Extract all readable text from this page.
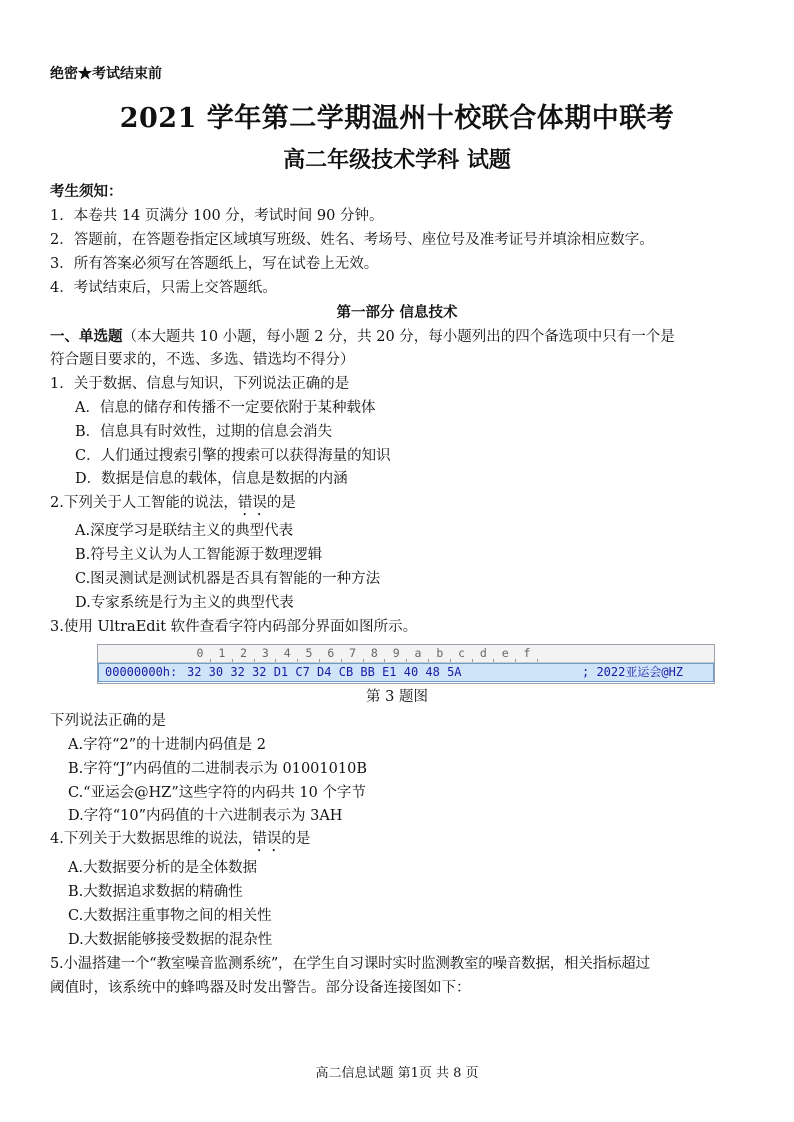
绝密★考试结束前
2021 学年第二学期温州十校联合体期中联考
高二年级技术学科 试题
考生须知：
1．本卷共 14 页满分 100 分，考试时间 90 分钟。
2．答题前，在答题卷指定区域填写班级、姓名、考场号、座位号及准考证号并填涂相应数字。
3．所有答案必须写在答题纸上，写在试卷上无效。
4．考试结束后，只需上交答题纸。
第一部分 信息技术
一、单选题（本大题共 10 小题，每小题 2 分，共 20 分，每小题列出的四个备选项中只有一个是
符合题目要求的，不选、多选、错选均不得分）
1．关于数据、信息与知识，下列说法正确的是
A．信息的储存和传播不一定要依附于某种载体
B．信息具有时效性，过期的信息会消失
C．人们通过搜索引擎的搜索可以获得海量的知识
D．数据是信息的载体，信息是数据的内涵
2.下列关于人工智能的说法，错误的是
A.深度学习是联结主义的典型代表
B.符号主义认为人工智能源于数理逻辑
C.图灵测试是测试机器是否具有智能的一种方法
D.专家系统是行为主义的典型代表
3.使用 UltraEdit 软件查看字符内码部分界面如图所示。
0 1 2 3 4 5 6 7 8 9 a b c d e f
00000000h: 32 30 32 32 D1 C7 D4 CB BB E1 40 48 5A	; 2022亚运会@HZ
第 3 题图
下列说法正确的是
A.字符“2”的十进制内码值是 2
B.字符“J”内码值的二进制表示为 01001010B
C.“亚运会@HZ”这些字符的内码共 10 个字节
D.字符“10”内码值的十六进制表示为 3AH
4.下列关于大数据思维的说法，错误的是
A.大数据要分析的是全体数据
B.大数据追求数据的精确性
C.大数据注重事物之间的相关性
D.大数据能够接受数据的混杂性
5.小温搭建一个“教室噪音监测系统”，在学生自习课时实时监测教室的噪音数据，相关指标超过
阈值时，该系统中的蜂鸣器及时发出警告。部分设备连接图如下：
高二信息试题 第1页 共 8 页
